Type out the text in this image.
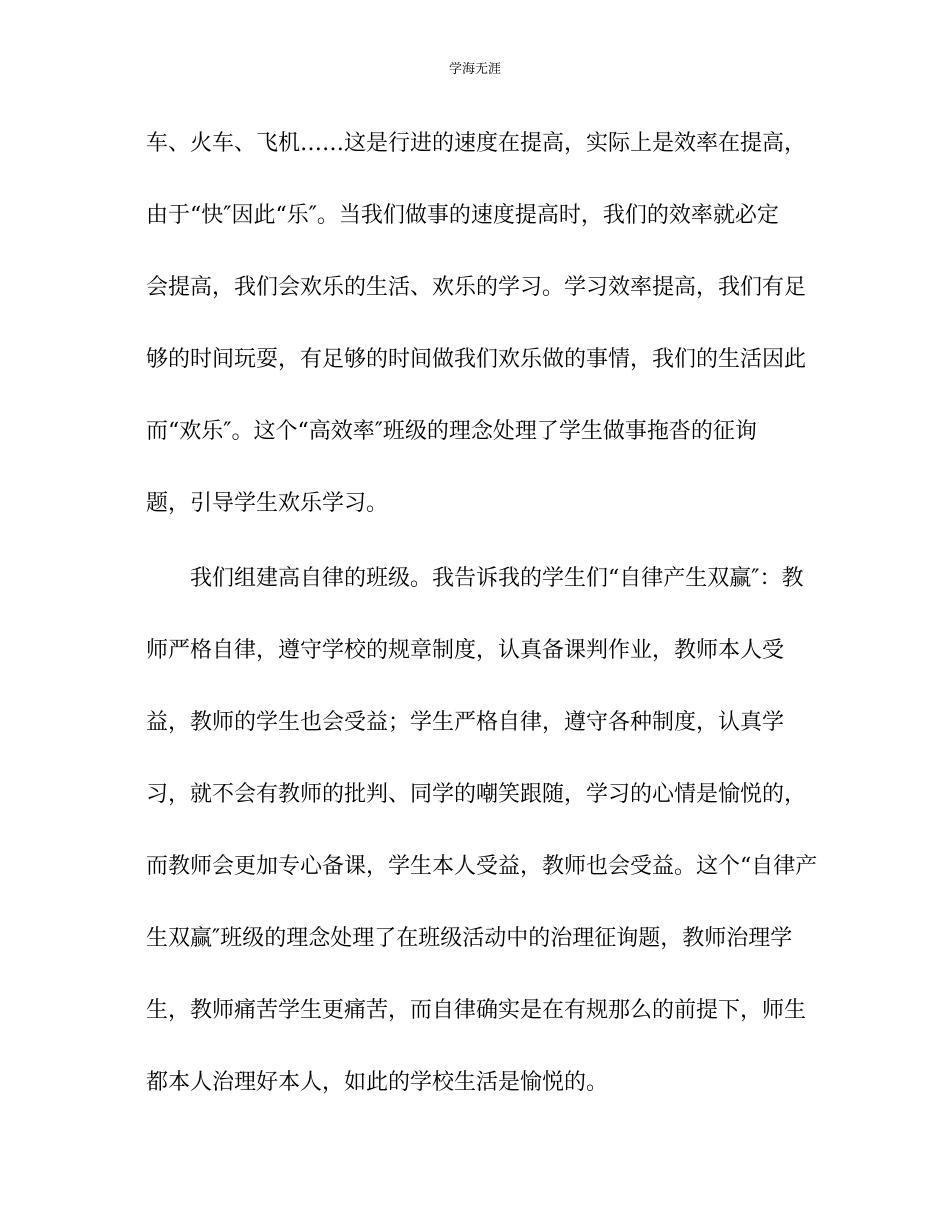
学海无涯
车、火车、飞机……这是行进的速度在提高，实际上是效率在提高，
由于“快″因此“乐″。当我们做事的速度提高时，我们的效率就必定
会提高，我们会欢乐的生活、欢乐的学习。学习效率提高，我们有足
够的时间玩耍，有足够的时间做我们欢乐做的事情，我们的生活因此
而“欢乐″。这个“高效率″班级的理念处理了学生做事拖沓的征询
题，引导学生欢乐学习。
我们组建高自律的班级。我告诉我的学生们“自律产生双赢″：教
师严格自律，遵守学校的规章制度，认真备课判作业，教师本人受
益，教师的学生也会受益；学生严格自律，遵守各种制度，认真学
习，就不会有教师的批判、同学的嘲笑跟随，学习的心情是愉悦的，
而教师会更加专心备课，学生本人受益，教师也会受益。这个“自律产
生双赢″班级的理念处理了在班级活动中的治理征询题，教师治理学
生，教师痛苦学生更痛苦，而自律确实是在有规那么的前提下，师生
都本人治理好本人，如此的学校生活是愉悦的。
